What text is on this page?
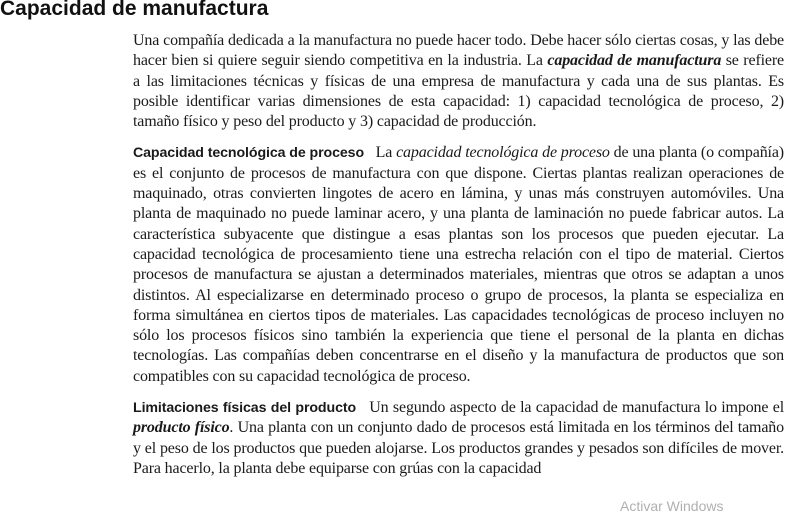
Capacidad de manufactura

Una compañía dedicada a la manufactura no puede hacer todo. Debe hacer sólo ciertas cosas, y las debe hacer bien si quiere seguir siendo competitiva en la industria. La capacidad de manufactura se refiere a las limitaciones técnicas y físicas de una empresa de manufactura y cada una de sus plantas. Es posible identificar varias dimensiones de esta capacidad: 1) capacidad tecnológica de proceso, 2) tamaño físico y peso del producto y 3) capacidad de producción.

Capacidad tecnológica de proceso La capacidad tecnológica de proceso de una planta (o compañía) es el conjunto de procesos de manufactura con que dispone. Ciertas plantas realizan operaciones de maquinado, otras convierten lingotes de acero en lámina, y unas más construyen automóviles. Una planta de maquinado no puede laminar acero, y una planta de laminación no puede fabricar autos. La característica subyacente que distingue a esas plantas son los procesos que pueden ejecutar. La capacidad tecnológica de procesamiento tiene una estrecha relación con el tipo de material. Ciertos procesos de manufactura se ajustan a determinados materiales, mientras que otros se adaptan a unos distintos. Al especializarse en determinado proceso o grupo de procesos, la planta se especializa en forma simultánea en ciertos tipos de materiales. Las capacidades tecnológicas de proceso incluyen no sólo los procesos físicos sino también la experiencia que tiene el personal de la planta en dichas tecnologías. Las compañías deben concentrarse en el diseño y la manufactura de productos que son compatibles con su capacidad tecnológica de proceso.

Limitaciones físicas del producto Un segundo aspecto de la capacidad de manufactura lo impone el producto físico. Una planta con un conjunto dado de procesos está limitada en los términos del tamaño y el peso de los productos que pueden alojarse. Los productos grandes y pesados son difíciles de mover. Para hacerlo, la planta debe equiparse con grúas con la capacidad

Activar Windows
